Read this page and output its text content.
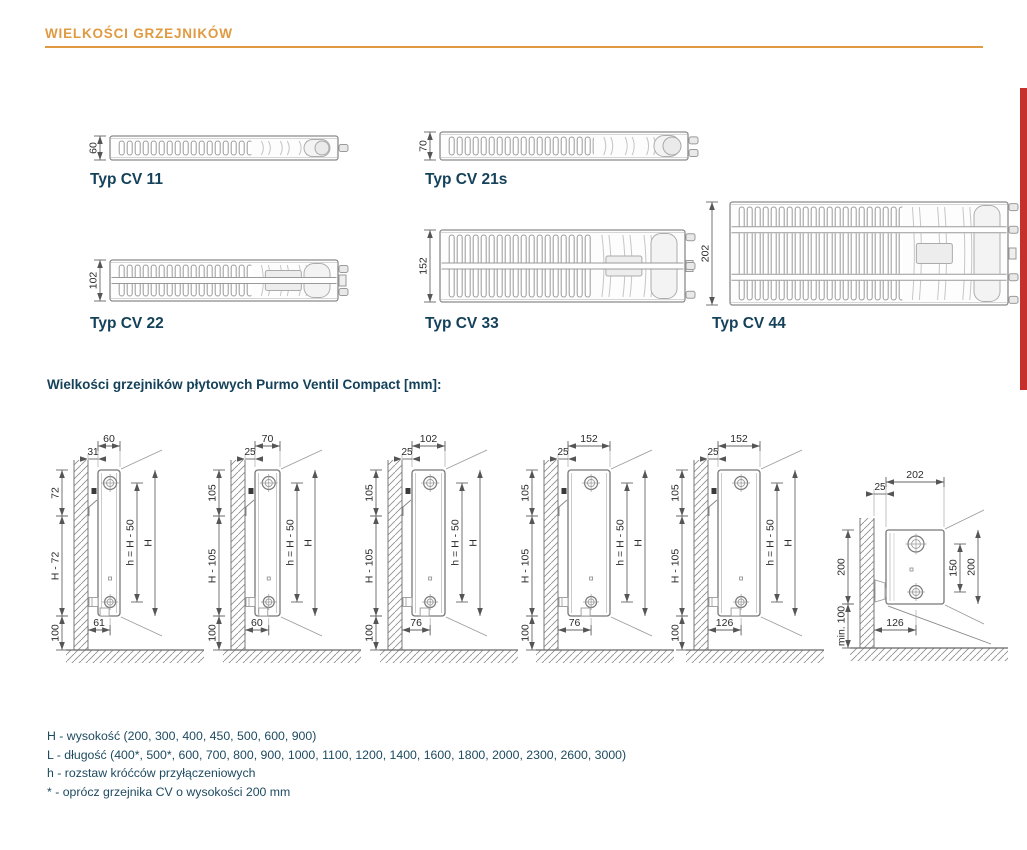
WIELKOŚCI GRZEJNIKÓW
60	70
102
152
202
Typ CV 11	Typ CV 21s
Typ CV 22	Typ CV 33	Typ CV 44
Wielkości grzejników płytowych Purmo Ventil Compact [mm]:
60
31
72
H - 72
100
h = H - 50 H
61
70
25
105
H - 105
100
h = H - 50 H
60
102
25
105
H - 105
100
h = H - 50 H
76
152
25
105
H - 105
100
h = H - 50 H
76
152
25
105
H - 105
100
h = H - 50 H
126
202
25
200
min. 100
150 200
126
H - wysokość (200, 300, 400, 450, 500, 600, 900)
L - długość (400*, 500*, 600, 700, 800, 900, 1000, 1100, 1200, 1400, 1600, 1800, 2000, 2300, 2600, 3000)
h - rozstaw króćców przyłączeniowych
* - oprócz grzejnika CV o wysokości 200 mm
